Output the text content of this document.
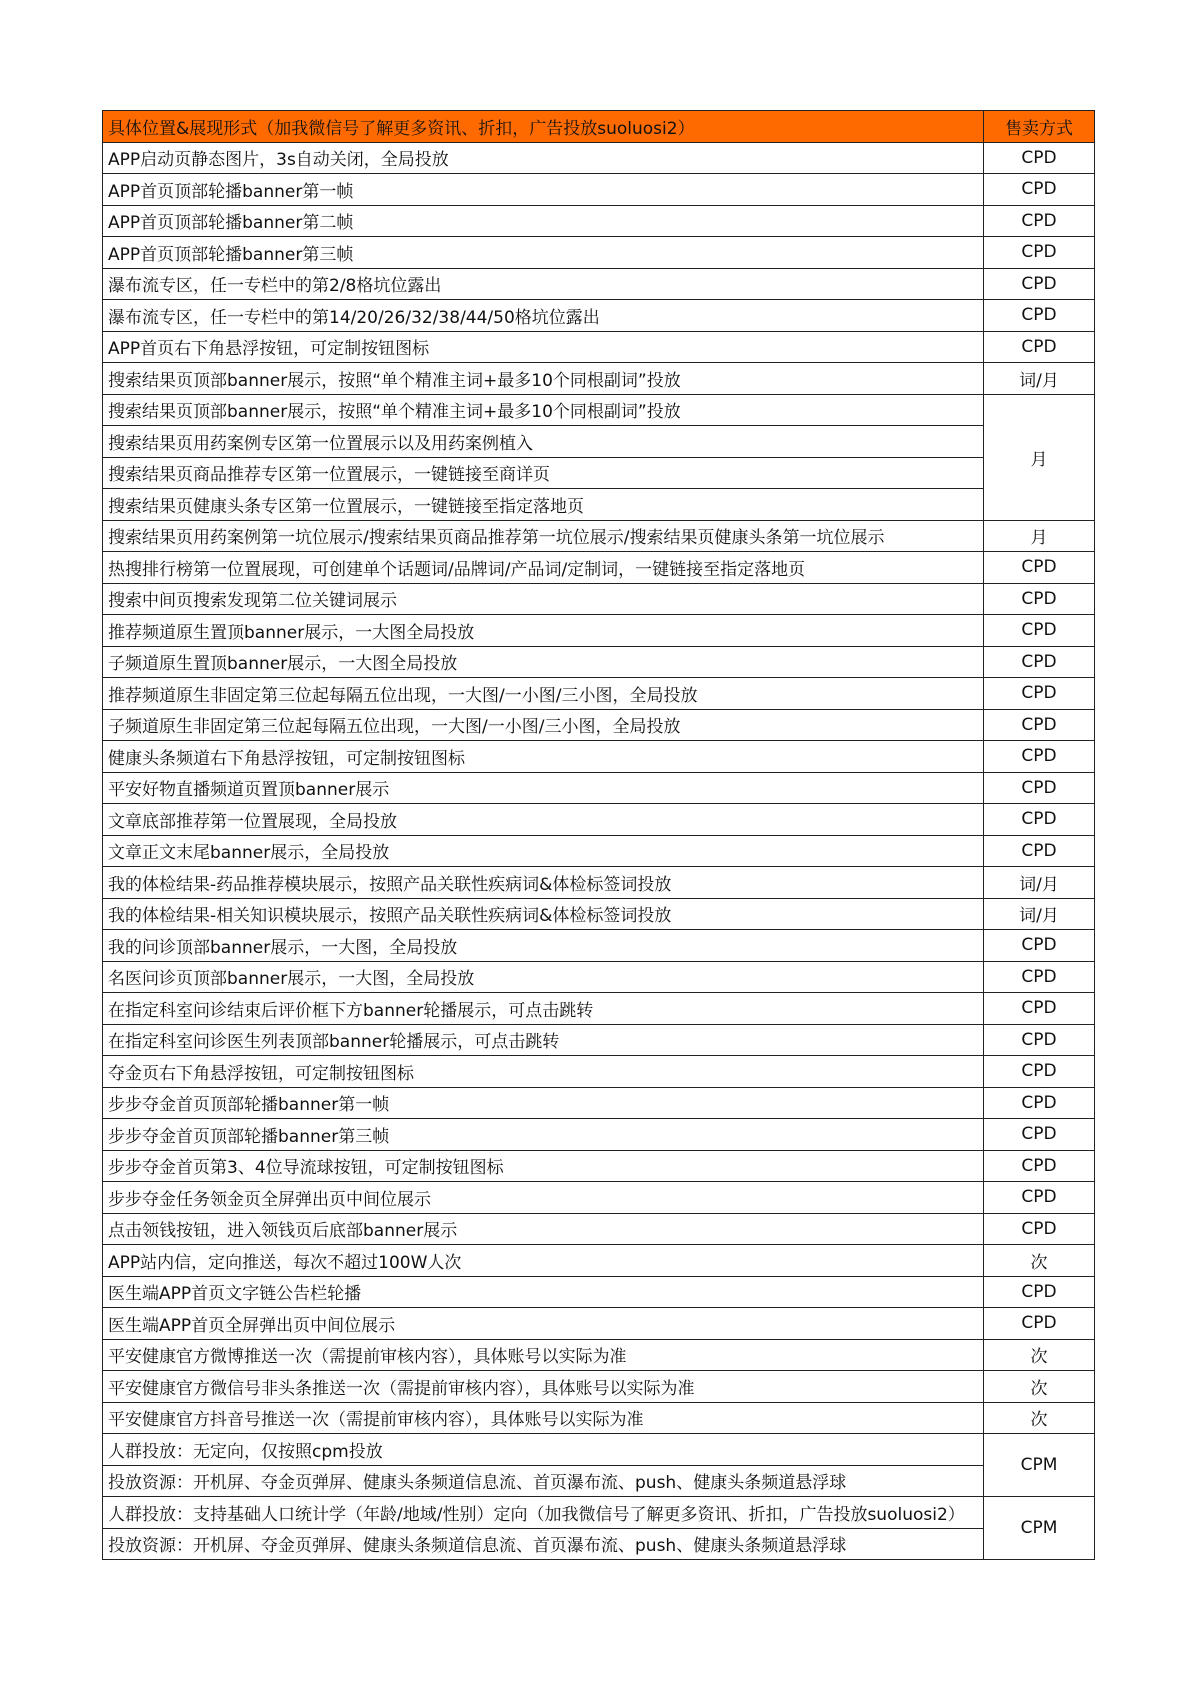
具体位置&展现形式（加我微信号了解更多资讯、折扣，广告投放suoluosi2）	售卖方式
APP启动页静态图片，3s自动关闭，全局投放	CPD
APP首页顶部轮播banner第一帧	CPD
APP首页顶部轮播banner第二帧	CPD
APP首页顶部轮播banner第三帧	CPD
瀑布流专区，任一专栏中的第2/8格坑位露出	CPD
瀑布流专区，任一专栏中的第14/20/26/32/38/44/50格坑位露出	CPD
APP首页右下角悬浮按钮，可定制按钮图标	CPD
搜索结果页顶部banner展示，按照“单个精准主词+最多10个同根副词”投放	词/月
搜索结果页顶部banner展示，按照“单个精准主词+最多10个同根副词”投放	月
搜索结果页用药案例专区第一位置展示以及用药案例植入	
搜索结果页商品推荐专区第一位置展示，一键链接至商详页	
搜索结果页健康头条专区第一位置展示，一键链接至指定落地页	
搜索结果页用药案例第一坑位展示/搜索结果页商品推荐第一坑位展示/搜索结果页健康头条第一坑位展示	月
热搜排行榜第一位置展现，可创建单个话题词/品牌词/产品词/定制词，一键链接至指定落地页	CPD
搜索中间页搜索发现第二位关键词展示	CPD
推荐频道原生置顶banner展示，一大图全局投放	CPD
子频道原生置顶banner展示，一大图全局投放	CPD
推荐频道原生非固定第三位起每隔五位出现，一大图/一小图/三小图，全局投放	CPD
子频道原生非固定第三位起每隔五位出现，一大图/一小图/三小图，全局投放	CPD
健康头条频道右下角悬浮按钮，可定制按钮图标	CPD
平安好物直播频道页置顶banner展示	CPD
文章底部推荐第一位置展现，全局投放	CPD
文章正文末尾banner展示，全局投放	CPD
我的体检结果-药品推荐模块展示，按照产品关联性疾病词&体检标签词投放	词/月
我的体检结果-相关知识模块展示，按照产品关联性疾病词&体检标签词投放	词/月
我的问诊顶部banner展示，一大图，全局投放	CPD
名医问诊页顶部banner展示，一大图，全局投放	CPD
在指定科室问诊结束后评价框下方banner轮播展示，可点击跳转	CPD
在指定科室问诊医生列表顶部banner轮播展示，可点击跳转	CPD
夺金页右下角悬浮按钮，可定制按钮图标	CPD
步步夺金首页顶部轮播banner第一帧	CPD
步步夺金首页顶部轮播banner第三帧	CPD
步步夺金首页第3、4位导流球按钮，可定制按钮图标	CPD
步步夺金任务领金页全屏弹出页中间位展示	CPD
点击领钱按钮，进入领钱页后底部banner展示	CPD
APP站内信，定向推送，每次不超过100W人次	次
医生端APP首页文字链公告栏轮播	CPD
医生端APP首页全屏弹出页中间位展示	CPD
平安健康官方微博推送一次（需提前审核内容），具体账号以实际为准	次
平安健康官方微信号非头条推送一次（需提前审核内容），具体账号以实际为准	次
平安健康官方抖音号推送一次（需提前审核内容），具体账号以实际为准	次
人群投放：无定向，仅按照cpm投放	CPM
投放资源：开机屏、夺金页弹屏、健康头条频道信息流、首页瀑布流、push、健康头条频道悬浮球	
人群投放：支持基础人口统计学（年龄/地域/性别）定向（加我微信号了解更多资讯、折扣，广告投放suoluosi2）	CPM
投放资源：开机屏、夺金页弹屏、健康头条频道信息流、首页瀑布流、push、健康头条频道悬浮球	
